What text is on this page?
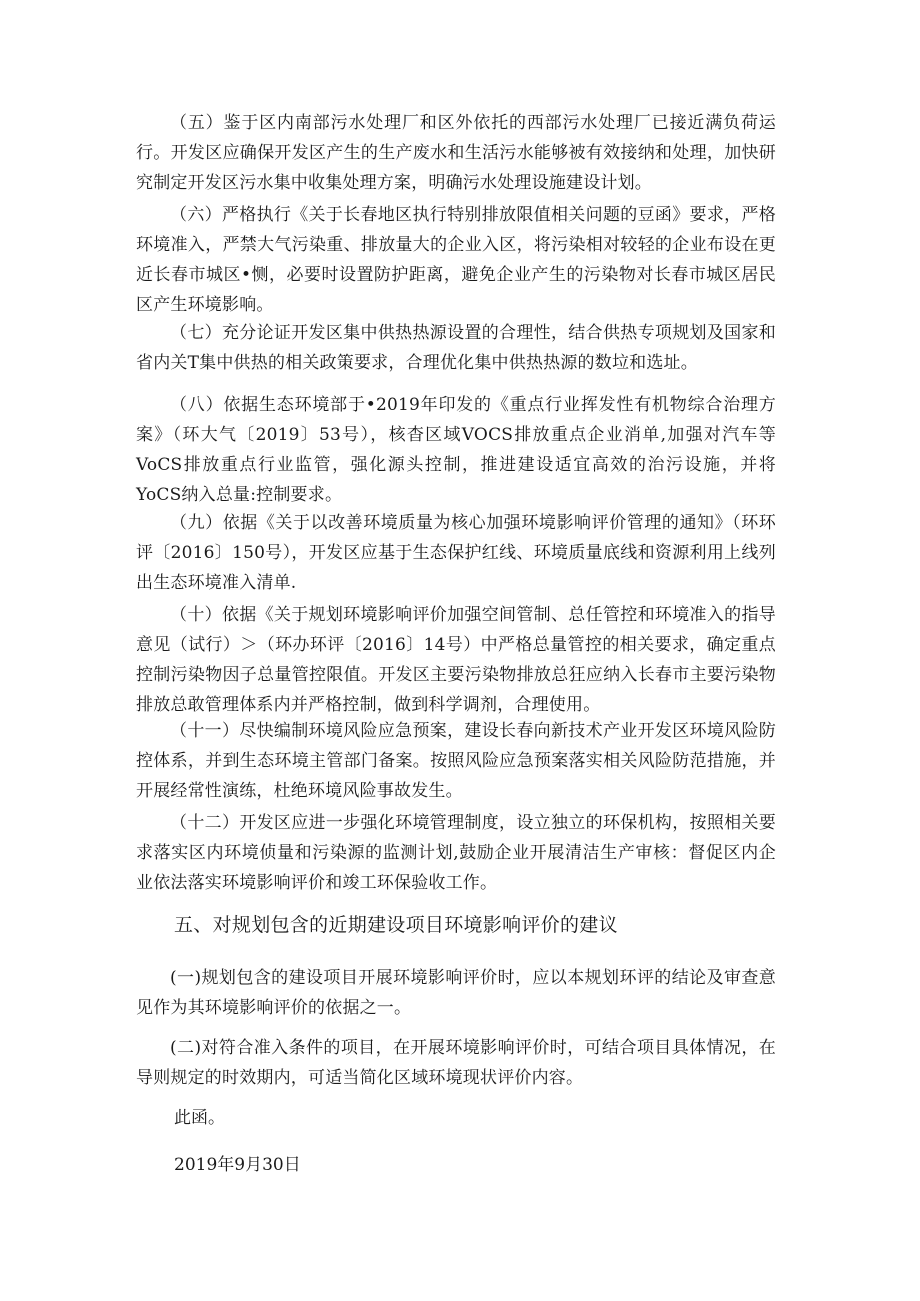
（五）鉴于区内南部污水处理厂和区外依托的西部污水处理厂已接近满负荷运行。开发区应确保开发区产生的生产废水和生活污水能够被有效接纳和处理，加快研究制定开发区污水集中收集处理方案，明确污水处理设施建设计划。

（六）严格执行《关于长春地区执行特别排放限值相关问题的豆函》要求，严格环境准入，严禁大气污染重、排放量大的企业入区，将污染相对较轻的企业布设在更近长春市城区•恻，必要时设置防护距离，避免企业产生的污染物对长春市城区居民区产生环境影响。

（七）充分论证开发区集中供热热源设置的合理性，结合供热专项规划及国家和省内关T集中供热的相关政策要求，合理优化集中供热热源的数垃和选址。

（八）依据生态环境部于•2019年印发的《重点行业挥发性有机物综合治理方案》（环大气〔2019〕53号），核杳区域VOCS排放重点企业消单,加强对汽车等VoCS排放重点行业监管，强化源头控制，推进建设适宜高效的治污设施，并将YoCS纳入总量:控制要求。

（九）依据《关于以改善环境质量为核心加强环境影响评价管理的通知》（环环评〔2016〕150号），开发区应基于生态保护红线、环境质量底线和资源利用上线列出生态环境准入清单.

（十）依据《关于规划环境影响评价加强空间管制、总任管控和环境准入的指导意见（试行）＞（环办环评〔2016〕14号）中严格总量管控的相关要求，确定重点控制污染物因子总量管控限值。开发区主要污染物排放总狂应纳入长春市主要污染物排放总敢管理体系内并严格控制，做到科学调剂，合理使用。

（十一）尽快编制环境风险应急预案，建设长春向新技术产业开发区环境风险防控体系，并到生态环境主管部门备案。按照风险应急预案落实相关风险防范措施，并开展经常性演练，杜绝环境风险事故发生。

（十二）开发区应进一步强化环境管理制度，设立独立的环保机构，按照相关要求落实区内环境侦量和污染源的监测计划,鼓励企业开展清洁生产审核：督促区内企业依法落实环境影响评价和竣工环保验收工作。

五、对规划包含的近期建设项目环境影响评价的建议

(一)规划包含的建设项目开展环境影响评价时，应以本规划环评的结论及审查意见作为其环境影响评价的依据之一。

(二)对符合准入条件的项目，在开展环境影响评价时，可结合项目具体情况，在导则规定的时效期内，可适当简化区域环境现状评价内容。

此函。

2019年9月30日
